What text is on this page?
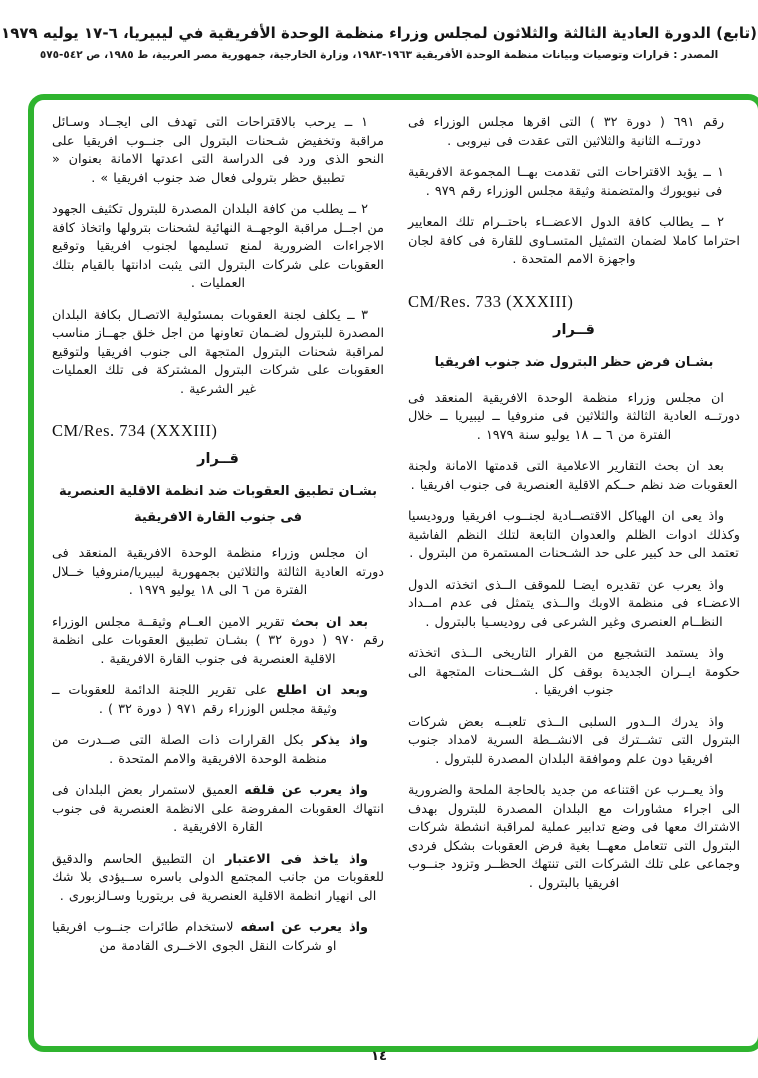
(تابع) الدورة العادية الثالثة والثلاثون لمجلس وزراء منظمة الوحدة الأفريقية في ليبيريا، ٦-١٧ يوليه ١٩٧٩
المصدر : قرارات وتوصيات وبيانات منظمة الوحدة الأفريقية ١٩٦٣-١٩٨٣، وزارة الخارجية، جمهورية مصر العربية، ط ١٩٨٥، ص ٥٤٢-٥٧٥

رقم ٦٩١ ( دورة ٣٢ ) التى اقرها مجلس الوزراء فى دورتــه الثانية والثلاثين التى عقدت فى نيروبى .

١ ــ يؤيد الاقتراحات التى تقدمت بهــا المجموعة الافريقية فى نيويورك والمتضمنة وثيقة مجلس الوزراء رقم ٩٧٩ .

٢ ــ يطالب كافة الدول الاعضــاء باحتــرام تلك المعايير احتراما كاملا لضمان التمثيل المتسـاوى للقارة فى كافة لجان واجهزة الامم المتحدة .

CM/Res. 733 (XXXIII)
قــرار
بشـان فرض حظر البترول ضد جنوب افريقيا

ان مجلس وزراء منظمة الوحدة الافريقية المنعقد فى دورتــه العادية الثالثة والثلاثين فى منروفيا ــ ليبيريا ــ خلال الفترة من ٦ ــ ١٨ يوليو سنة ١٩٧٩ .

بعد ان بحث التقارير الاعلامية التى قدمتها الامانة ولجنة العقوبات ضد نظم حــكم الاقلية العنصرية فى جنوب افريقيا .

واذ يعى ان الهياكل الاقتصــادية لجنــوب افريقيا وروديسيا وكذلك ادوات الظلم والعدوان التابعة لتلك النظم الفاشية تعتمد الى حد كبير على حد الشـحنات المستمرة من البترول .

واذ يعرب عن تقديره ايضـا للموقف الــذى اتخذته الدول الاعضـاء فى منظمة الاوبك والــذى يتمثل فى عدم امــداد النظــام العنصرى وغير الشرعى فى روديسـيا بالبترول .

واذ يستمد التشجيع من القرار التاريخى الــذى اتخذته حكومة ايــران الجديدة بوقف كل الشــحنات المتجهة الى جنوب افريقيا .

واذ يدرك الــدور السلبى الــذى تلعبــه بعض شركات البترول التى تشــترك فى الانشــطة السرية لامداد جنوب افريقيا دون علم وموافقة البلدان المصدرة للبترول .

واذ يعــرب عن اقتناعه من جديد بالحاجة الملحة والضرورية الى اجراء مشاورات مع البلدان المصدرة للبترول بهدف الاشتراك معها فى وضع تدابير عملية لمراقبة انشطة شركات البترول التى تتعامل معهــا بغية فرض العقوبات بشكل فردى وجماعى على تلك الشركات التى تنتهك الحظــر وتزود جنــوب افريقيا بالبترول .

١ ــ يرحب بالاقتراحات التى تهدف الى ايجــاد وسـائل مراقبة وتخفيض شـحنات البترول الى جنــوب افريقيا على النحو الذى ورد فى الدراسة التى اعدتها الامانة بعنوان « تطبيق حظر بترولى فعال ضد جنوب افريقيا » .

٢ ــ يطلب من كافة البلدان المصدرة للبترول تكثيف الجهود من اجــل مراقبة الوجهــة النهائية لشحنات بترولها واتخاذ كافة الاجراءات الضرورية لمنع تسليمها لجنوب افريقيا وتوقيع العقوبات على شركات البترول التى يثبت ادانتها بالقيام بتلك العمليات .

٣ ــ يكلف لجنة العقوبات بمسئولية الاتصـال بكافة البلدان المصدرة للبترول لضـمان تعاونها من اجل خلق جهــاز مناسب لمراقبة شحنات البترول المتجهة الى جنوب افريقيا ولتوقيع العقوبات على شركات البترول المشتركة فى تلك العمليات غير الشرعية .

CM/Res. 734 (XXXIII)
قــرار
بشـان تطبيق العقوبات ضد انظمة الاقلية العنصرية فى جنوب القارة الافريقية

ان مجلس وزراء منظمة الوحدة الافريقية المنعقد فى دورته العادية الثالثة والثلاثين بجمهورية ليبيريا/منروفيا خــلال الفترة من ٦ الى ١٨ يوليو ١٩٧٩ .

بعد ان بحث تقرير الامين العــام وثيقــة مجلس الوزراء رقم ٩٧٠ ( دورة ٣٢ ) بشـان تطبيق العقوبات على انظمة الاقلية العنصرية فى جنوب القارة الافريقية .

وبعد ان اطلع على تقرير اللجنة الدائمة للعقوبات ــ وثيقة مجلس الوزراء رقم ٩٧١ ( دورة ٣٢ ) .

واذ يذكر بكل القرارات ذات الصلة التى صــدرت من منظمة الوحدة الافريقية والامم المتحدة .

واذ يعرب عن قلقه العميق لاستمرار بعض البلدان فى انتهاك العقوبات المفروضة على الانظمة العنصرية فى جنوب القارة الافريقية .

واذ ياخذ فى الاعتبار ان التطبيق الحاسم والدقيق للعقوبات من جانب المجتمع الدولى باسره ســيؤدى بلا شك الى انهيار انظمة الاقلية العنصرية فى بريتوريا وسـالزبورى .

واذ يعرب عن اسفه لاستخدام طائرات جنــوب افريقيا او شركات النقل الجوى الاخــرى القادمة من

١٤
